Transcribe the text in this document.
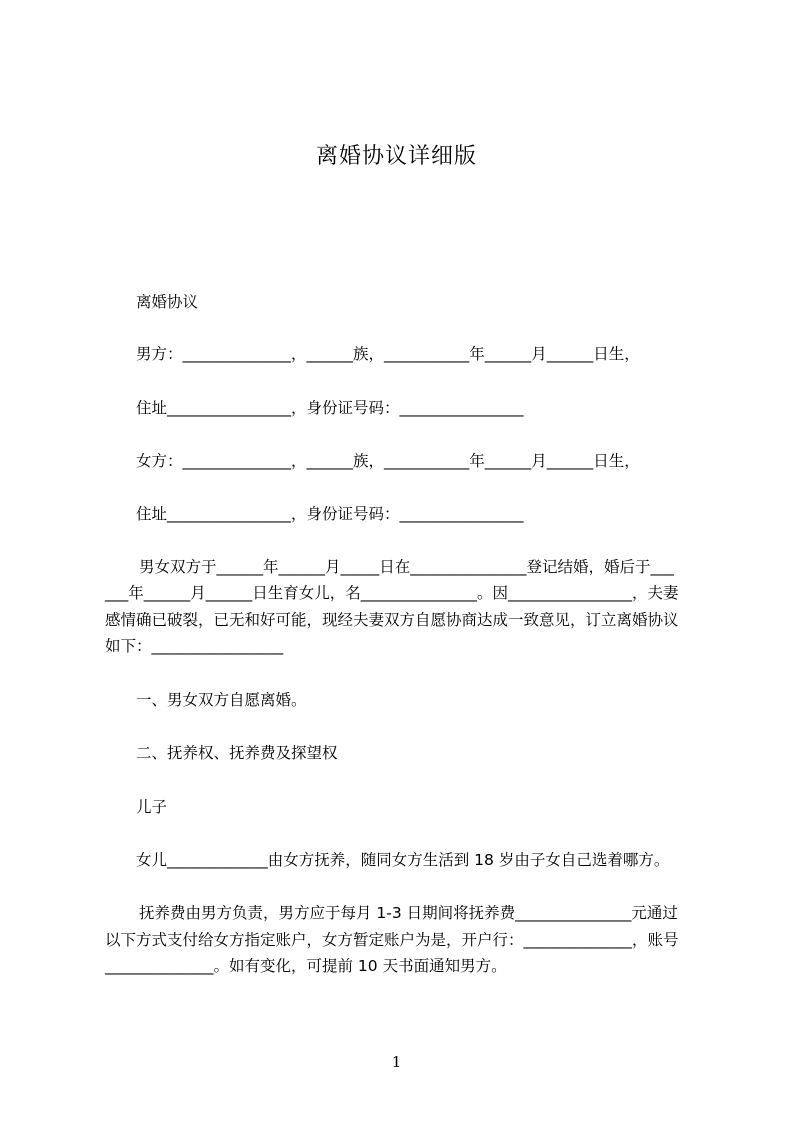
离婚协议详细版
离婚协议
男方：______________，______族，___________年______月______日生，
住址________________，身份证号码：________________
女方：______________，______族，___________年______月______日生，
住址________________，身份证号码：________________
男女双方于______年______月_____日在_______________登记结婚，婚后于___
___年______月______日生育女儿，名_______________。因________________，夫妻
感情确已破裂，已无和好可能，现经夫妻双方自愿协商达成一致意见，订立离婚协议
如下：_________________
一、男女双方自愿离婚。
二、抚养权、抚养费及探望权
儿子
女儿_____________由女方抚养，随同女方生活到 18 岁由子女自己选着哪方。
抚养费由男方负责，男方应于每月 1-3 日期间将抚养费_______________元通过
以下方式支付给女方指定账户，女方暂定账户为是，开户行：______________，账号
______________。如有变化，可提前 10 天书面通知男方。
1
